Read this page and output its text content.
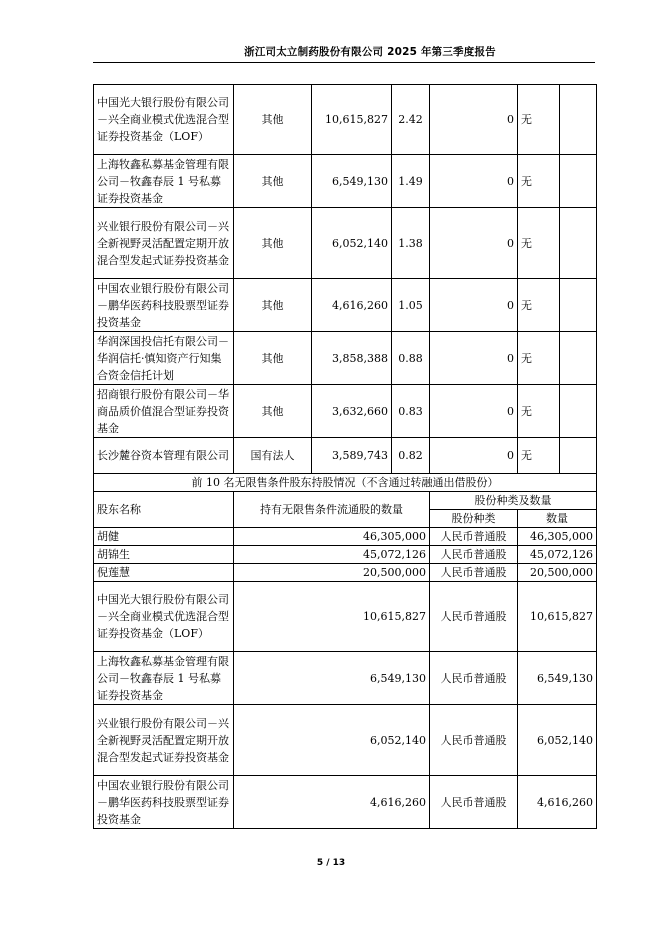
浙江司太立制药股份有限公司 2025 年第三季度报告
中国光大银行股份有限公司－兴全商业模式优选混合型证券投资基金（LOF）	其他	10,615,827	2.42	0	无	
上海牧鑫私募基金管理有限公司－牧鑫春辰 1 号私募证券投资基金	其他	6,549,130	1.49	0	无	
兴业银行股份有限公司－兴全新视野灵活配置定期开放混合型发起式证券投资基金	其他	6,052,140	1.38	0	无	
中国农业银行股份有限公司－鹏华医药科技股票型证券投资基金	其他	4,616,260	1.05	0	无	
华润深国投信托有限公司－华润信托·慎知资产行知集合资金信托计划	其他	3,858,388	0.88	0	无	
招商银行股份有限公司－华商品质价值混合型证券投资基金	其他	3,632,660	0.83	0	无	
长沙麓谷资本管理有限公司	国有法人	3,589,743	0.82	0	无	
前 10 名无限售条件股东持股情况（不含通过转融通出借股份）						
股东名称	持有无限售条件流通股的数量			股份种类及数量		
				股份种类	数量	
胡健	46,305,000			人民币普通股	46,305,000	
胡锦生	45,072,126			人民币普通股	45,072,126	
倪莲慧	20,500,000			人民币普通股	20,500,000	
中国光大银行股份有限公司－兴全商业模式优选混合型证券投资基金（LOF）	10,615,827			人民币普通股	10,615,827	
上海牧鑫私募基金管理有限公司－牧鑫春辰 1 号私募证券投资基金	6,549,130			人民币普通股	6,549,130	
兴业银行股份有限公司－兴全新视野灵活配置定期开放混合型发起式证券投资基金	6,052,140			人民币普通股	6,052,140	
中国农业银行股份有限公司－鹏华医药科技股票型证券投资基金	4,616,260			人民币普通股	4,616,260	
5 / 13
